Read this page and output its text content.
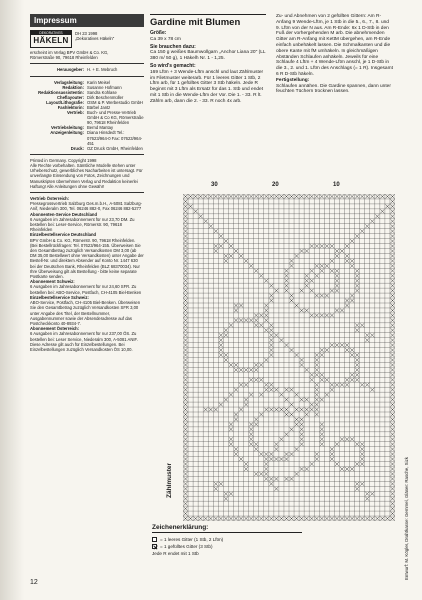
Impressum
DEKORATIVES
HÄKELN
DH 23 1998
„Dekoratives Häkeln"
erscheint im Verlag BPV GmbH & Co. KG,
Römerstraße 90, 79618 Rheinfelden
Herausgeber: H. + E. Mebruch
Verlagsleitung: Karin Meisel
Redaktion: Susanne Hofmann
Redaktionsassistentin: Sandra Kohlase
Cheflayouter: Dirk Beschenmüller
Layout/Lithografie: OSM & P. Werbestudio GmbH
Fashlektorin: Bärbel Jantz
Vertrieb: Buch- und Presse-Vertrieb GmbH & Co KG, Römerstraße 90, 79618 Rheinfelden
Vertriebsleitung: Bernd Mantay
Anzeigenleitung: Diana Hinsdedt Tel.: 07623/964-0 Fax: 07623/964-451
Druck: OZ Druck GmbH, Rheinfelden
Printed in Germany. Copyright 1998
Alle Rechte vorbehalten. Sämtliche Modelle stehen unter Urheberschutz, gewerbliches Nacharbeiten ist untersagt. Für unverlangte Einsendung von Fotos, Zeichnungen und Manuskripten übernehmen Verlag und Redaktion keinerlei Haftung! Alle Anleitungen ohne Gewähr!
Vertrieb Österreich:
Pressegrossvertrieb Salzburg Ges.m.b.H., A-5081 Salzburg-Anif, Niederalm 300, Tel. 06246 882-0, Fax 06246 882-5277
Abonnenten-Service Deutschland
6 Ausgaben im Jahresabonnement für nur 23,70 DM. Zu bestellen bei: Leser-Service, Römerstr. 90, 79618 Rheinfelden
Einzelbestellservice Deutschland
BPV GmbH & Co. KG, Römerstr. 90, 79618 Rheinfelden. (Bei Bestellrückfragen: Tel. 07623/964-155. Überweisen Sie den Gesamtbetrag zuzüglich Versandkosten DM 3,00 (ab DM 35,00 Bestellwert ohne Versandkosten) unter Angabe der Bestell-Nr. und direktem Absender auf Konto Nr. 1447 630 bei der Deutschen Bank, Rheinfelden (BLZ 68370034). Nur Ihre Überweisung gilt als Bestellung - bitte keine separate Postkarte senden.
Abonnement Schweiz:
6 Ausgaben im Jahresabonnement für nur 24,60 SFR. Zu bestellen bei: ABO-Service, Postfach, CH-4105 Biel-Benken
Einzelbestellservice Schweiz:
ABO-Service, Postfach, CH-4105 Biel-Benken. Überweisen Sie den Gesamtbetrag zuzüglich Versandkosten SFR 3,00 unter Angabe des Titel, der Bestellnummer, Ausgabennummer sowie der Absenderadresse auf das Postcheckkonto 40-8934-7.
Abonnement Österreich:
6 Ausgaben im Jahresabonnement für nur 237,00 ÖS. Zu bestellen bei: Leser Service, Niederalm 300, A-5081 ANIF.
Diese Adresse gilt auch für Einzelbestellungen. Bei Einzelbestellungen zuzüglich Versandkosten ÖS 10,00.
Gardine mit Blumen
Größe:
Ca 39 x 78 cm
Sie brauchen dazu:
Ca 150 g weißes Baumwollgarn „Anchor Liana 20" (LL 380 m/ 50 g), 1 Häkelh Nr. 1 - 1,25.
So wird's gemacht:
169 Lftm + 3 Wende-Lftm anschl und laut Zählmuster im Filetmuster weiterarb. Für 1 leeres Gitter 1 Stb, 2 Lftm arb, für 1 gefülltes Gitter 3 Stb häkeln. Jede R beginnt mit 3 Lftm als Ersatz für das 1. Stb und endet mit 1 Stb in die Wende-Lftm der Vor. Die 1. - 33. R lt. Zählm arb, dann die 2. - 33. R noch 4x arb.
Zu- und Abnehmen von 2 gefüllten Gittern: Am R-Anfang 9 Wende-Lftm, je 1 Stb in die 5., 6., 7., 8. und 9. Lftm von der N aus. Am R-Ende: 6x 1 D-Stb in den Fuß der vorhergehenden M arb. Die abnehmenden Gitter am R-Anfang mit KettM übergehen, am R-Ende einfach unbehäkelt lassen. Die Schmalkanten und die obere Kante mit fM umhäkeln. In gleichmäßigen Abständen Schlaufen anhäkeln. Jeweils für eine Schlaufe 4 Lftm + 4 Wende-Lftm anschl, je 1 D-Stb in die 3., 2. und 1. Lftm des Anschlags (= 1 R). Insgesamt 6 R D-Stb häkeln.
Fertigstellung:
Schlaufen annähen. Die Gardine spannen, dann unter feuchten Tüchern trocknen lassen.
30	20	10
Zählmuster
Zeichenerklärung:
= 1 leeres Gitter (1 Stb, 2 Lftm)
= 1 gefülltes Gitter (3 Stb)
Jede R endet mit 1 Stb
12
Entwurf: M. Kögler, Drahtkasse: Gemmel, Gläser: Rasche, Sizk
